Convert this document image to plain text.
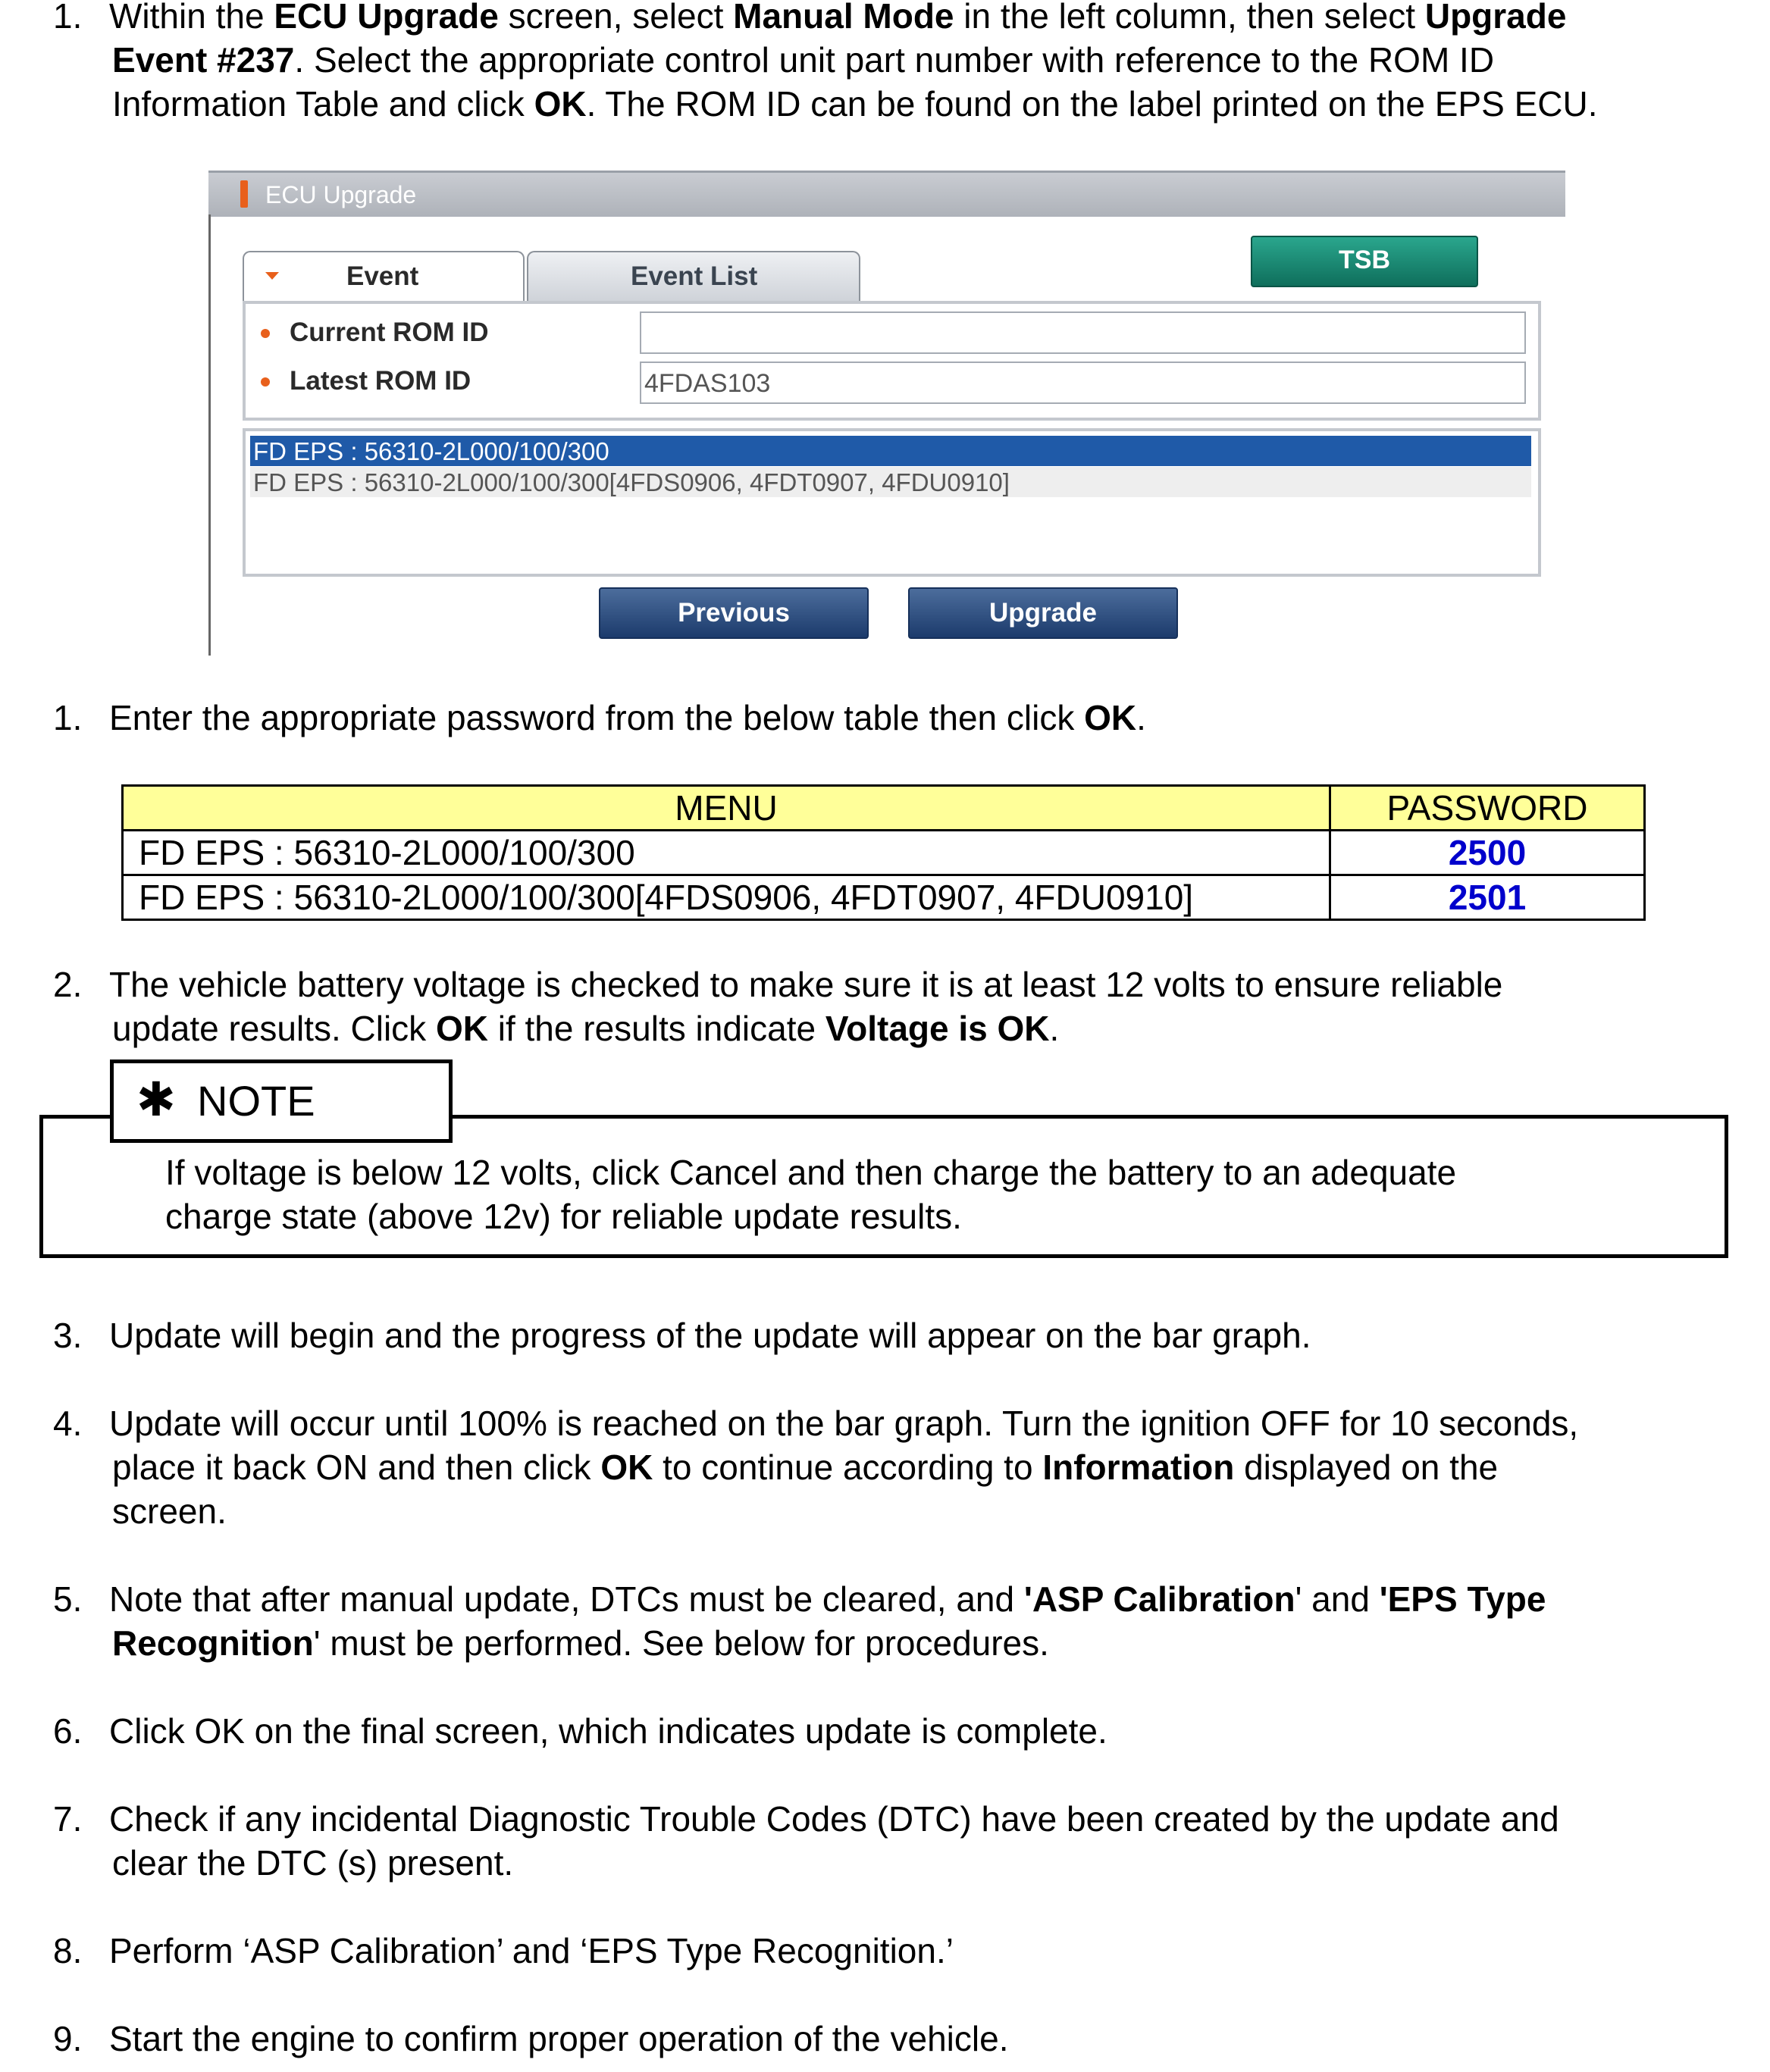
1. Within the ECU Upgrade screen, select Manual Mode in the left column, then select Upgrade
Event #237. Select the appropriate control unit part number with reference to the ROM ID
Information Table and click OK. The ROM ID can be found on the label printed on the EPS ECU.
ECU Upgrade
Event	Event List
TSB
Current ROM ID
Latest ROM ID	4FDAS103
FD EPS : 56310-2L000/100/300
FD EPS : 56310-2L000/100/300[4FDS0906, 4FDT0907, 4FDU0910]
Previous	Upgrade
1. Enter the appropriate password from the below table then click OK.
MENU	PASSWORD
FD EPS : 56310-2L000/100/300	2500
FD EPS : 56310-2L000/100/300[4FDS0906, 4FDT0907, 4FDU0910]	2501
2. The vehicle battery voltage is checked to make sure it is at least 12 volts to ensure reliable
update results. Click OK if the results indicate Voltage is OK.
✱ NOTE
If voltage is below 12 volts, click Cancel and then charge the battery to an adequate
charge state (above 12v) for reliable update results.
3. Update will begin and the progress of the update will appear on the bar graph.
4. Update will occur until 100% is reached on the bar graph. Turn the ignition OFF for 10 seconds,
place it back ON and then click OK to continue according to Information displayed on the
screen.
5. Note that after manual update, DTCs must be cleared, and 'ASP Calibration' and 'EPS Type
Recognition' must be performed. See below for procedures.
6. Click OK on the final screen, which indicates update is complete.
7. Check if any incidental Diagnostic Trouble Codes (DTC) have been created by the update and
clear the DTC (s) present.
8. Perform ‘ASP Calibration’ and ‘EPS Type Recognition.’
9. Start the engine to confirm proper operation of the vehicle.
